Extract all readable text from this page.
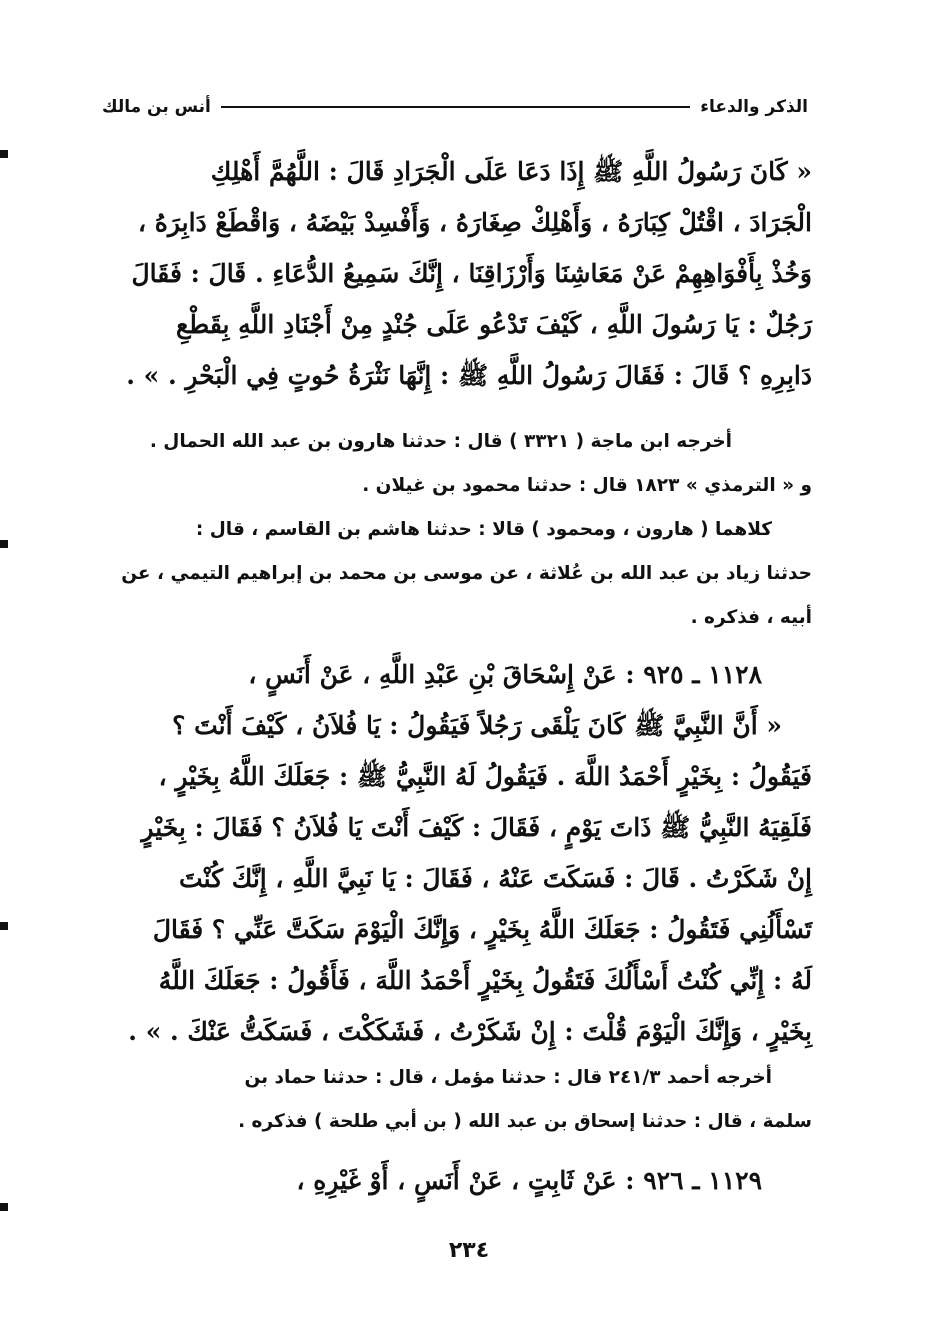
الذكر والدعاء
أنس بن مالك
« كَانَ رَسُولُ اللَّهِ ﷺ إِذَا دَعَا عَلَى الْجَرَادِ قَالَ : اللَّهُمَّ أَهْلِكِ
الْجَرَادَ ، اقْتُلْ كِبَارَهُ ، وَأَهْلِكْ صِغَارَهُ ، وَأَفْسِدْ بَيْضَهُ ، وَاقْطَعْ دَابِرَهُ ،
وَخُذْ بِأَفْوَاهِهِمْ عَنْ مَعَاشِنَا وَأَرْزَاقِنَا ، إِنَّكَ سَمِيعُ الدُّعَاءِ . قَالَ : فَقَالَ
رَجُلٌ : يَا رَسُولَ اللَّهِ ، كَيْفَ تَدْعُو عَلَى جُنْدٍ مِنْ أَجْنَادِ اللَّهِ بِقَطْعِ
دَابِرِهِ ؟ قَالَ : فَقَالَ رَسُولُ اللَّهِ ﷺ : إِنَّهَا نَثْرَةُ حُوتٍ فِي الْبَحْرِ . » .
أخرجه ابن ماجة ( ٣٣٢١ ) قال : حدثنا هارون بن عبد الله الحمال .
و « الترمذي » ١٨٢٣ قال : حدثنا محمود بن غيلان .
كلاهما ( هارون ، ومحمود ) قالا : حدثنا هاشم بن القاسم ، قال :
حدثنا زياد بن عبد الله بن عُلاثة ، عن موسى بن محمد بن إبراهيم التيمي ، عن
أبيه ، فذكره .
١١٢٨ ـ ٩٢٥ : عَنْ إِسْحَاقَ بْنِ عَبْدِ اللَّهِ ، عَنْ أَنَسٍ ،
« أَنَّ النَّبِيَّ ﷺ كَانَ يَلْقَى رَجُلاً فَيَقُولُ : يَا فُلاَنُ ، كَيْفَ أَنْتَ ؟
فَيَقُولُ : بِخَيْرٍ أَحْمَدُ اللَّهَ . فَيَقُولُ لَهُ النَّبِيُّ ﷺ : جَعَلَكَ اللَّهُ بِخَيْرٍ ،
فَلَقِيَهُ النَّبِيُّ ﷺ ذَاتَ يَوْمٍ ، فَقَالَ : كَيْفَ أَنْتَ يَا فُلاَنُ ؟ فَقَالَ : بِخَيْرٍ
إِنْ شَكَرْتُ . قَالَ : فَسَكَتَ عَنْهُ ، فَقَالَ : يَا نَبِيَّ اللَّهِ ، إِنَّكَ كُنْتَ
تَسْأَلُنِي فَتَقُولُ : جَعَلَكَ اللَّهُ بِخَيْرٍ ، وَإِنَّكَ الْيَوْمَ سَكَتَّ عَنِّي ؟ فَقَالَ
لَهُ : إِنِّي كُنْتُ أَسْأَلُكَ فَتَقُولُ بِخَيْرٍ أَحْمَدُ اللَّهَ ، فَأَقُولُ : جَعَلَكَ اللَّهُ
بِخَيْرٍ ، وَإِنَّكَ الْيَوْمَ قُلْتَ : إِنْ شَكَرْتُ ، فَشَكَكْتَ ، فَسَكَتُّ عَنْكَ . » .
أخرجه أحمد ٢٤١/٣ قال : حدثنا مؤمل ، قال : حدثنا حماد بن
سلمة ، قال : حدثنا إسحاق بن عبد الله ( بن أبي طلحة ) فذكره .
١١٢٩ ـ ٩٢٦ : عَنْ ثَابِتٍ ، عَنْ أَنَسٍ ، أَوْ غَيْرِهِ ،
٢٣٤
